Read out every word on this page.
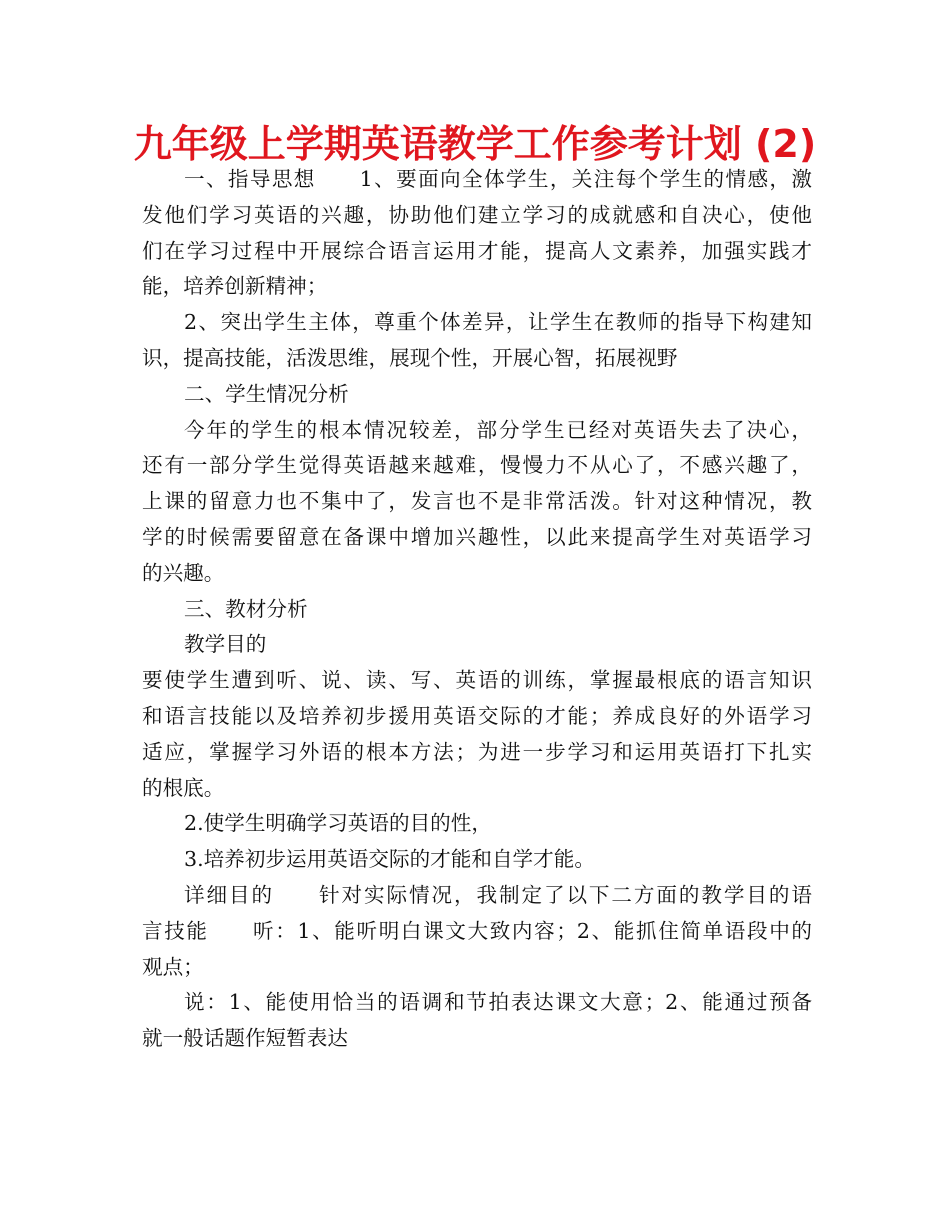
九年级上学期英语教学工作参考计划 (2)
一、指导思想　　1、要面向全体学生，关注每个学生的情感，激
发他们学习英语的兴趣，协助他们建立学习的成就感和自决心，使他
们在学习过程中开展综合语言运用才能，提高人文素养，加强实践才
能，培养创新精神；
2、突出学生主体，尊重个体差异，让学生在教师的指导下构建知
识，提高技能，活泼思维，展现个性，开展心智，拓展视野
二、学生情况分析
今年的学生的根本情况较差，部分学生已经对英语失去了决心，
还有一部分学生觉得英语越来越难，慢慢力不从心了，不感兴趣了，
上课的留意力也不集中了，发言也不是非常活泼。针对这种情况，教
学的时候需要留意在备课中增加兴趣性，以此来提高学生对英语学习
的兴趣。
三、教材分析
教学目的
要使学生遭到听、说、读、写、英语的训练，掌握最根底的语言知识
和语言技能以及培养初步援用英语交际的才能；养成良好的外语学习
适应，掌握学习外语的根本方法；为进一步学习和运用英语打下扎实
的根底。
2.使学生明确学习英语的目的性，
3.培养初步运用英语交际的才能和自学才能。
详细目的　　针对实际情况，我制定了以下二方面的教学目的语
言技能　　听：1、能听明白课文大致内容；2、能抓住简单语段中的
观点；
说：1、能使用恰当的语调和节拍表达课文大意；2、能通过预备
就一般话题作短暂表达
